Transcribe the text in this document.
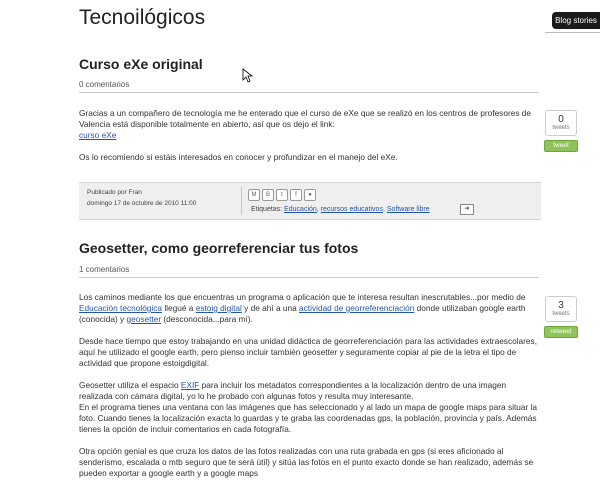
Tecnoilógicos	Blog stories
Curso eXe original
0 comentarios

Gracias a un compañero de tecnología me he enterado que el curso de eXe que se realizó en los centros de profesores de Valencia está disponible totalmente en abierto, así que os dejo el link:

curso eXe

Os lo recomiendo si estáis interesados en conocer y profundizar en el manejo del eXe.

0
tweets
tweet
Publicado por Fran
domingo 17 de octubre de 2010 11:00
M	B	t	f	●
Etiquetas: Educación, recursos educativos, Software libre	➜
Geosetter, como georreferenciar tus fotos
1 comentarios
3
tweets
retweet

Los caminos mediante los que encuentras un programa o aplicación que te interesa resultan inescrutables...por medio de Educación tecnológica llegué a estoig digital y de ahí a una actividad de georreferenciación donde utilizaban google earth (conocida) y geosetter (desconocida...para mí).

Desde hace tiempo que estoy trabajando en una unidad didáctica de georreferenciación para las actividades extraescolares, aquí he utilizado el google earth, pero pienso incluir también geosetter y seguramente copiar al pie de la letra el tipo de actividad que propone estoigdigital.

Geosetter utiliza el espacio EXIF para incluir los metadatos correspondientes a la localización dentro de una imagen realizada con cámara digital, yo lo he probado con algunas fotos y resulta muy interesante.

En el programa tienes una ventana con las imágenes que has seleccionado y al lado un mapa de google maps para situar la foto. Cuando tienes la localización exacta lo guardas y te graba las coordenadas gps, la población, provincia y país. Además tienes la opción de incluir comentarios en cada fotografía.

Otra opción genial es que cruza los datos de las fotos realizadas con una ruta grabada en gps (si eres aficionado al senderismo, escalada o mtb seguro que te será útil) y sitúa las fotos en el punto exacto donde se han realizado, además se pueden exportar a google earth y a google maps
